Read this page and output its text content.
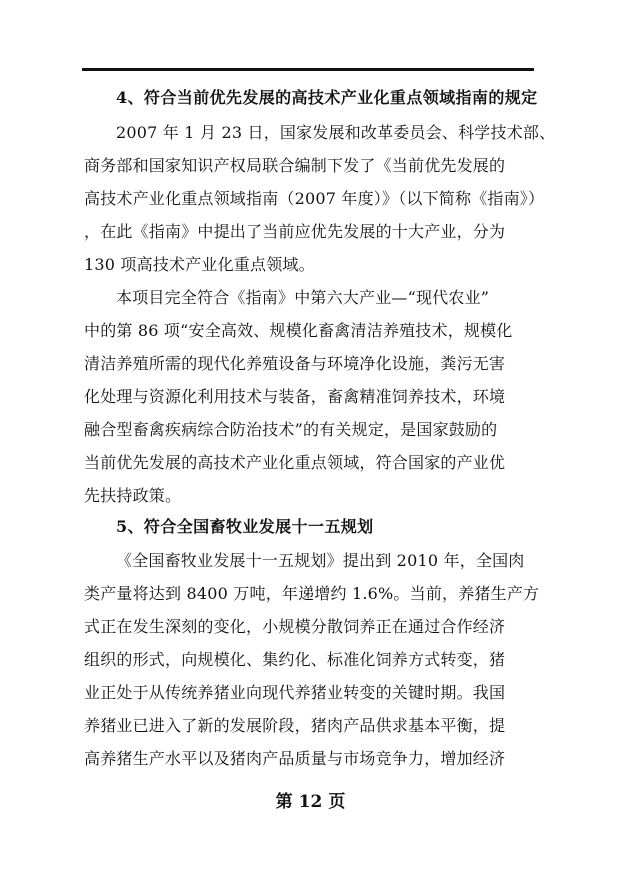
4、符合当前优先发展的高技术产业化重点领域指南的规定
2007 年 1 月 23 日，国家发展和改革委员会、科学技术部、
商务部和国家知识产权局联合编制下发了《当前优先发展的
高技术产业化重点领域指南（2007 年度）》（以下简称《指南》）
，在此《指南》中提出了当前应优先发展的十大产业，分为
130 项高技术产业化重点领域。
本项目完全符合《指南》中第六大产业—“现代农业”
中的第 86 项“安全高效、规模化畜禽清洁养殖技术，规模化
清洁养殖所需的现代化养殖设备与环境净化设施，粪污无害
化处理与资源化利用技术与装备，畜禽精准饲养技术，环境
融合型畜禽疾病综合防治技术”的有关规定，是国家鼓励的
当前优先发展的高技术产业化重点领域，符合国家的产业优
先扶持政策。
5、符合全国畜牧业发展十一五规划
《全国畜牧业发展十一五规划》提出到 2010 年，全国肉
类产量将达到 8400 万吨，年递增约 1.6%。当前，养猪生产方
式正在发生深刻的变化，小规模分散饲养正在通过合作经济
组织的形式，向规模化、集约化、标准化饲养方式转变，猪
业正处于从传统养猪业向现代养猪业转变的关键时期。我国
养猪业已进入了新的发展阶段，猪肉产品供求基本平衡，提
高养猪生产水平以及猪肉产品质量与市场竞争力，增加经济
第 12 页
